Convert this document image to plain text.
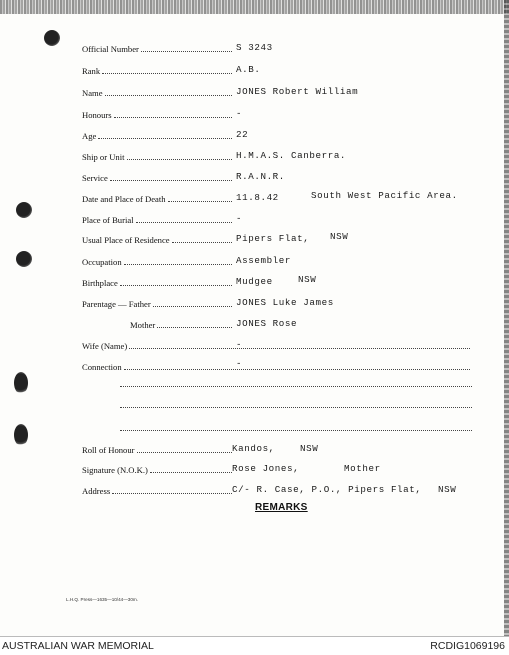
Official Number	S 3243
Rank	A.B.
Name	JONES Robert William
Honours	-
Age	22
Ship or Unit	H.M.A.S. Canberra.
Service	R.A.N.R.
Date and Place of Death	11.8.42	South West Pacific Area.
Place of Burial	-
Usual Place of Residence	Pipers Flat, NSW
Occupation	Assembler
Birthplace	Mudgee	NSW
Parentage — Father	JONES Luke James
Mother	JONES Rose
Wife (Name)	-
Connection	-
Roll of Honour	Kandos,	NSW
Signature (N.O.K.)	Rose Jones,	Mother
Address	C/- R. Case, P.O., Pipers Flat, NSW
REMARKS
L.H.Q. Press—1635—10/44—30m.
AUSTRALIAN WAR MEMORIAL	RCDIG1069196
